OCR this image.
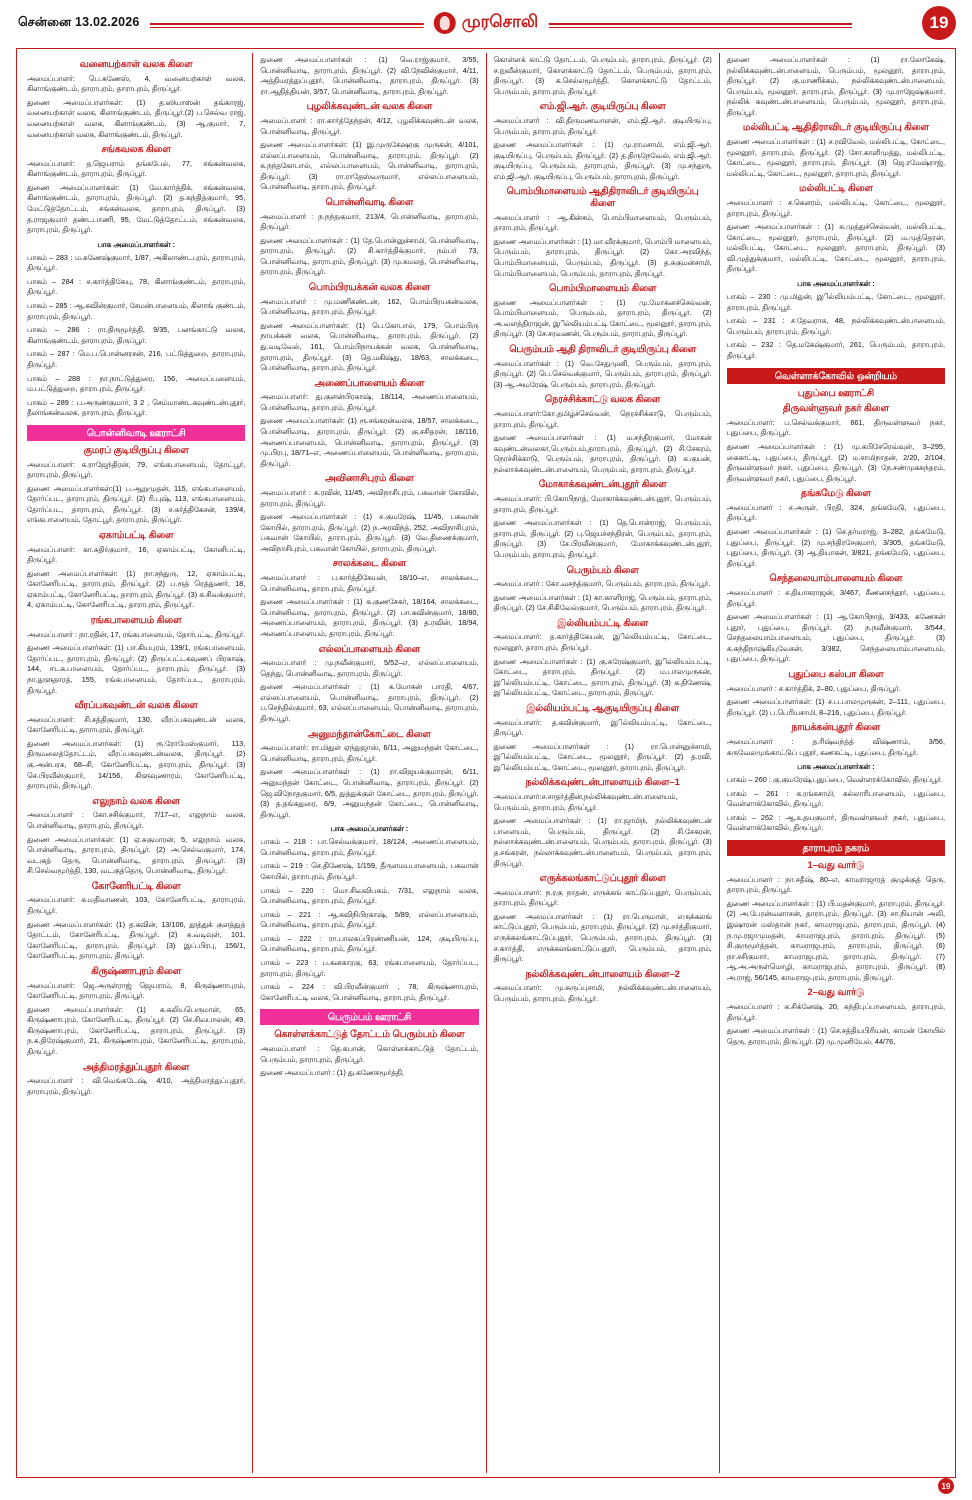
சென்னை 13.02.2026	முரசொலி	19
வனையற்காள் வலக கிளை
அமைப்பாளர்: பெ.கணேஸ், 4, வனையற்காள் வலக, கிளாங்குண்டம், தாராபுரம், தாராபுரம், திருப்பூர்.
துணை அமைப்பாளர்கள்: (1) த.ஸியாஸன் தங்காரஜ், வனையற்காள் வலக, கிளாங்குண்டம், திருப்பூர்.(2) ப.செல்வ ராஜ், வனையற்காள் வலக, கிளாங்குண்டம், (3) ஆ.குமார், 7, வனையற்காள் வலக, கிளாங்குண்டம், திருப்பூர்.
சங்கவலக கிளை
அமைப்பாளர்: த.ஜெயராம் தங்கபேல், 77, சங்கன்வலக, கிளாங்குண்டம், தாராபுரம், திருப்பூர்.
துணை அமைப்பாளர்கள்: (1) வே.கார்த்திக், சங்கன்வலக, கிளாங்குண்டம், தாராபுரம், திருப்பூர். (2) த.கந்தித்குமார், 95, மேட்டுத்தோட்டம், சங்கன்வலக, தாராபுரம், திருப்பூர். (3) த.ராஜகுமார் தண்டபாணி, 95, மேட்டுத்தோட்டம், சங்கன்வலக, தாராபுரம், திருப்பூர்.
பாக அமைப்பாளர்கள் :
பாகம் – 283 : ம.கணேஷ்குமார், 1/87, அகிலாண்டபுரம், தாராபுரம், திருப்பூர்.
பாகம் – 284 : ச.கார்த்திகேயு, 78, கிளாங்குண்டம், தாராபுரம், திருப்பூர்.
பாகம் – 285 : ஆ.கவின்குமார், சேமன்பாளையம், கிளாங் குண்டம், தாராபுரம், திருப்பூர்.
பாகம் – 286 : ரா.திருமூர்த்தி, 9/35, பனங்காட்டு வலக, கிளாங்குண்டம், தாராபுரம், திருப்பூர்.
பாகம் – 287 : மெ.ப.பொன்னரசன், 216, பட்டுத்துறை, தாராபுரம், திருப்பூர்.
பாகம் – 288 : நா.நாட்டுத்துரை, 156, அமைப்பளையம், ம.பட்டுத்துறை, தாராபுரம், திருப்பூர்.
பாகம் – 289 : ப.அருண்குமார், 3 2 , செம்மாண்டகவுண்டன்புதூர், தீலாங்கன்வலக, தாராபுரம், திருப்பூர்.
பொன்னிவாடி ஊராட்சி
குமரப் குடியிருப்பு கிளை
அமைப்பாளர்: க.ராஜேந்திரன், 79, எங்கபாளையம், தோட்பூர், தாராபுரம், திருப்பூர்.
துணை அமைப்பாளர்கள்:(1) ப.ஆறுமுதன், 115, எங்கபாளையம், தோர்ப்பட, தாராபுரம், திருப்பூர். (2) ரி.புஷ், 113, எங்கபாளையம், தோர்ப்பட, தாராபுரம், திருப்பூர். (3) ச.கர்த்திகேசன், 139/4, எங்கபாளையம், தோட்பூர், தாராபுரம், திருப்பூர்.
ஏகாம்பட்டி கிளை
அமைப்பாளர்: கா.சுதிர்குமார், 16, ஏகாம்பட்டி, கோனிபட்டி, திருப்பூர்.
துணை அமைப்பாளர்கள்: (1) நா.சந்துரு, 12, ஏகாம்பட்டி, கோனேரிபட்டி, தாராபுரம், திருப்பூர். (2) ப.ரூத் ரெத்துணர், 18, ஏகாம்பட்டி, கோனேரிபட்டி, தாராபுரம், திருப்பூர். (3) க.சிவக்குமார், 4, ஏகாம்பட்டி, கோனேரிபட்டி, தாராபுரம், திருப்பூர்.
ரங்கபாளையம் கிளை
அமைப்பாளர் : நா.ரதின், 17, ரங்கபாளையம், தோர்பட்டி, திருப்பூர்.
துணை அமைப்பாளர்கள்: (1) பா.கியபுரம், 139/1, ரங்கபாளையம், தோர்ப்பட, தாராபுரம், திருப்பூர். (2) திருப்பட்டகவுணப் பிரகாஷ், 144, ஈடக.பாளையம், தோர்ப்பட, தாராபுரம், திருப்பூர். (3) நா.துளுதாரத், 155, ரங்கபாளையம், தோர்ப்பட, தாராபுரம், திருப்பூர்.
வீரப்பகவுண்டன் வலக கிளை
அமைப்பாளர்: சி.சத்திகுமார், 130, வீரப்பகவுண்டன் வலக, கோனேரிபட்டி, தாராபுரம், திருப்பூர்.
துணை அமைப்பாளர்கள்: (1) ரூ.ரோமேஸ்குமார், 113, திருமலைத்தோட்டம், வீரப்பகவுண்டன்வலக, திருப்பூர். (2) கு.அன்பரசு, 68–சி, கோனேரிபட்டி, தாராபுரம், திருப்பூர். (3) செ.பிரவீன்குமார், 14/156, கிளுவுணாரம், கோனேரிபட்டி, தாராபுரம், திருப்பூர்.
எலுநாம் வலக கிளை
அமைப்பாளர் : கோ.சசிக்குமார், 7/17–எ, எலுநாம் வலக, பொன்னிவாடி, தாராபுரம், திருப்பூர்.
துணை அமைப்பாளர்கள்: (1) ஏ.சுகுமாரன், 5, எலுநாம் வலக, பொன்னிவாடி, தாராபுரம், திருப்பூர். (2) அ.செல்வகுமார், 174, வடகுத் தெரு, பொன்னிவாடி, தாராபுரம், திருப்பூர். (3) சி.செல்வமூர்த்தி, 130, வடகுத்தெரு, பொன்னிவாடி, திருப்பூர்.
கோனேரிபட்டி கிளை
அமைப்பாளர்: க.மதிவாணன், 103, கோனேரிபட்டி, தாராபுரம், திருப்பூர்.
துணை அமைப்பாளர்கள்: (1) த.கவின், 13/106, தூத்துக் குளத்துத் தோட்டம், கோனேரிபட்டி, திருப்பூர். (2) க.வடிவுள், 101, கோனேரிபட்டி, தாராபுரம், திருப்பூர். (3) இப்.பிரபு, 156/1, கோனேரிபட்டி, தாராபுரம், திருப்பூர்.
கிருஷ்ணாபுரம் கிளை
அமைப்பாளர்: ஜெ.அருள்ராஜ் ஜெயராம், 8, கிருஷ்ணாபுரம், கோனேரிபட்டி, தாராபுரம், திருப்பூர்.
துணை அமைப்பாளர்கள்: (1) க.கலியபெருமாள், 65, கிருஷ்ணாபுரம், கோனேரிபட்டி, திருப்பூர். (2) செ.சிவபாலன், 49, கிருஷ்ணாபுரம், கோனேரிபட்டி, தாராபுரம், திருப்பூர். (3) ந.க.திரேஷ்குமார், 21, கிருஷ்ணாபுரம், கோனேரிபட்டி, தாராபுரம், திருப்பூர்.
அத்திமரத்துப்புதூர் கிளை
அமைப்பாளர் : வி.வெங்கடேஷ், 4/10, அத்திமரத்துப்புதூர், தாராபுரம், திருப்பூர்.
துணை அமைப்பாளர்கள் : (1) வெ.ராஜ்குமார், 3/55, பொன்னிவாடி, தாராபுரம், திருப்பூர். (2) வி.நேவின்குமார், 4/11, அத்திமரத்துப்புதூர், பொன்னிவாடி, தாராபுரம், திருப்பூர். (3) ரா.ஆதித்தியன், 3/57, பொன்னிவாடி, தாராபுரம், திருப்பூர்.
புழலிக்கவுண்டன் வலக கிளை
அமைப்பாளர் : ரா.கார்த்தேந்தன், 4/12, புழலிக்கவுண்டன் வலக, பொன்னிவாடி, திருப்பூர்.
துணை அமைப்பாளர்கள்: (1) இ.முருகேஷரகு முருகன், 4/101, எல்லப்பாளையம், பொன்னிவாடி, தாராபுரம், திருப்பூர். (2) க.நந்தகோபால், எல்லப்பாளையம், பொன்னிவாடி, தாராபுரம், திருப்பூர். (3) ரா.ராதேஸ்வருமார், எல்லப்பாளையம், பொன்னிவாடி, தாராபுரம், திருப்பூர்.
பொன்னிவாடி கிளை
அமைப்பாளர் : ந.நந்தகுமார், 213/4, பொன்னிவாடி, தாராபுரம், திருப்பூர்.
துணை அமைப்பாளர்கள் : (1) தே.பொன்னுச்சாமி, பொன்னிவாடி, தாராபுரம், திருப்பூர். (2) சி.கார்த்திக்குமார், நம்பர் 73, பொன்னிவாடி, தாராபுரம், திருப்பூர். (3) மு.கமலத், பொன்னிவாடி, தாராபுரம், திருப்பூர்.
பொம்பிரயக்கன் வலக கிளை
அமைப்பாளர் : மு.மணிகண்டன், 162, பொம்பிரயகன்வலக, பொன்னிவாடி, தாராபுரம், திருப்பூர்.
துணை அமைப்பாளர்கள்: (1) பெ.கோபால், 179, பொம்பிரு நாயக்கன் வலக, பொன்னிவாடி, தாராபுரம், திருப்பூர். (2) து.வடிவேல், 161, பொம்பிநாயக்கன் வலக, பொன்னிவாடி, தாராபுரம், திருப்பூர். (3) தெ.மகிஷ்து, 18/63, சாலக்கடை, பொன்னிவாடி, தாராபுரம், திருப்பூர்.
அணைப்பாளையம் கிளை
அமைப்பாளர்: து.குளன்பிரகாஷ், 18/114, அணைப்பாளையம், பொன்னிவாடி, தாராபுரம், திருப்பூர்.
துணை அமைப்பாளர்கள்: (1) ரூ.சங்கரன்வலக, 18/57, சாலக்கடை, பொன்னிவாடி, தாராபுரம், திருப்பூர். (2) கு.சசிதரன், 18/116, அணைப்பாளையம், பொன்னிவாடி, தாராபுரம், திருப்பூர். (3) மு.பிரபு, 18/71–எ, அணைப்பாளையம், பொன்னிவாடி, தாராபுரம், திருப்பூர்.
அவினாசிபுரம் கிளை
அமைப்பாளர் : சு.ரவின், 11/45, அவிநாசிபுரம், பகவான் கோவில், தாராபுரம், திருப்பூர்.
துணை அமைப்பாளர்கள் : (1) ச.குமரேஷ், 11/45, பகவான் கோயில், தாராபுரம், திருப்பூர். (2) ந.அரவிந்த், 252, அவிநாசிபுரம், பகவான் கோயில், தாராபுரம், திருப்பூர். (3) வே.திணைக்குமார், அவிநாசிபுரம், பகவான் கோயில், தாராபுரம், திருப்பூர்.
சாலக்கடை கிளை
அமைப்பாளர் : ப.கார்த்திகேயன், 18/10–எ, சாலக்கடை, பொன்னிவாடி, தாராபுரம், திருப்பூர்.
துணை அமைப்பாளர்கள் : (1) க.குணசேகர், 18/164, சாலக்கடை, பொன்னிவாடி, தாராபுரம், திருப்பூர். (2) பா.கவின்குமார், 18/80, அணைப்பாளையம், தாராபுரம், திருப்பூர். (3) த.ரவின், 18/94, அணைப்பாளையம், தாராபுரம், திருப்பூர்.
எல்லப்பாளையம் கிளை
அமைப்பாளர் : மு.நவீன்குமார், 5/52–எ, எல்லப்பாளையம், தெந்து, பொன்னிவாடி, தாராபுரம், திருப்பூர்.
துணை அமைப்பாளர்கள் : (1) க.மோகன் பாரதி, 4/67, எல்லப்பாளையம், பொன்னிவாடி, தாராபுரம், திருப்பூர். (2) ப.செந்தில்குமார், 63, எல்லப்பாளையம், பொன்னிவாடி, தாராபுரம், திருப்பூர்.
அனுமந்தான்கோட்டை கிளை
அமைப்பாளர்: ரா.மிதுள் ஏந்துஜாஸ், 6/11, அனுமந்தன் கோட்டை, பொன்னிவாடி, தாராபுரம், திருப்பூர்.
துணை அமைப்பாளர்கள் : (1) ரா.விஜயக்குமாரன், 6/11, அனுமந்தன் கோட்டை, பொன்னிவாடி, தாராபுரம், திருப்பூர். (2) ஜெ.விநோதகுமார், 6/5, துத்துக்குள் கோட்டை, தாராபுரம், திருப்பூர். (3) த.தங்கதுரை, 6/9, அனுமந்தன் கோட்டை, பொன்னிவாடி, திருப்பூர்.
பாக அமைப்பாளர்கள் :
பாகம் – 218 : பா.செல்வக்குமார், 18/124, அணைப்பாளையம், பொன்னிவாடி, தாராபுரம், திருப்பூர்.
பாகம் – 219 : செ.திணேஷ், 1/159, தீருளமயபாளையம், பகவான் கோயில், தாராபுரம், திருப்பூர்.
பாகம் – 220 : மொ.சிவவிபகம், 7/31, எலுநாம் வலக, பொன்னிவாடி, தாராபுரம், திருப்பூர்.
பாகம் – 221 : ஆ.கவிநிபிரகாஷ், 5/89, எல்லப்பாளையம், பொன்னிவாடி, தாராபுரம், திருப்பூர்.
பாகம் – 222 : ரா.பாலகப்பிரண்ணியன், 124, குடியிருப்பு, பொன்னிவாடி, தாராபுரம், திருப்பூர்.
பாகம் – 223 : ப.கனகாரகு, 63, ரங்கபாளையம், தோர்ப்பட, தாராபுரம், திருப்பூர்.
பாகம் – 224 : வி.பிரவீன்குமார் , 78, கிருஷ்ணாபுரம், கோனேரிபட்டி வலக, பொன்னிவாடி, தாராபுரம், திருப்பூர்.
பெரும்பம் ஊராட்சி
கொள்ளக்காட்டுத் தோட்டம் பெரும்பம் கிளை
அமைப்பாளர் : தெ.கபான், கொள்ளக்காட்டுத் தோட்டம், பெரும்பம், தாராபுரம், திருப்பூர்.
துணை அமைப்பாளர் : (1) து.கணேசமூர்த்தி,
கொள்ளக் காட்டு தோட்டம், பெரும்பம், தாராபுரம், திருப்பூர். (2) ச.நுவீன்குமார், கொளக்காட்டு தோட்டம், பெரும்பம், தாராபுரம், திருப்பூர். (3) க.செல்லமூர்த்தி, கொளக்காட்டு தோட்டம், பெரும்பம், தாராபுரம், திருப்பூர்.
எம்.ஜி.ஆர். குடியிருப்பு கிளை
அமைப்பாளர் : வி.திருமணவாளன், எம்.ஜி.ஆர். குடியிருப்பு, பெரும்பம், தாராபுரம், திருப்பூர்.
துணை அமைப்பாளர்கள் : (1) மு.ராமசாமி, எம்.ஜி.ஆர். குடியிருப்பு, பெரும்பம், திருப்பூர். (2) த.திருநேவேல், எம்.ஜி.ஆர். குடியிருப்பு, பெரும்பம், தாராபுரம், திருப்பூர். (3) மு.சந்துரு, எம்.ஜி.ஆர். குடியிருப்பு, பெரும்பம், தாராபுரம், திருப்பூர்.
பொம்பிமாளையம் ஆதிதிராவிடர் குடியிருப்பு கிளை
அமைப்பாளர் : ஆ.கின்சம், பொம்பிமாளையம், பெரும்பம், தாராபுரம், திருப்பூர்.
துணை அமைப்பாளர்கள் : (1) மா.வீரக்குமார், பொம்பி மாளையம், பெரும்பம், தாராபுரம், திருப்பூர். (2) கோ.அரவிந்த், பொம்பிமாளையம், பெரும்பம், திருப்பூர். (3) த.சுகுமன்சாமி, பொம்பிமாளையம், பெரும்பம், தாராபுரம், திருப்பூர்.
பொம்பிமாளையம் கிளை
துணை அமைப்பாளர்கள் : (1) மு.மோகனச்செல்வன், பொம்பிமாளையம், பெரும்பம், தாராபுரம், திருப்பூர். (2) அ.வளத்திராஜன், இில்லியம்பட்டி கோட்டை, மூலனூர், தாராபுரம், திருப்பூர். (3) சே.சரவணன், பெரும்பம், தாராபுரம், திருப்பூர்.
பெரும்பம் ஆதி திராவிடர் குடியிருப்பு கிளை
அமைப்பாளர்கள் : (1) வெ.சேதுமுனி, பெரும்பம், தாராபுரம், திருப்பூர். (2) பெ.செல்வக்குமார், பெரும்பம், தாராபுரம், திருப்பூர். (3) ஆ.அமரேஷ், பெரும்பம், தாராபுரம், திருப்பூர்.
நெரச்சிக்காட்டு வலக கிளை
அமைப்பாளர்:கோ.தமிழ்ச்செல்வன், நெரச்சிக்காடு, பெரும்பம், தாராபுரம், திருப்பூர்.
துணை அமைப்பாளர்கள் : (1) ம.சந்திரகுமார், மோகன் கவுண்டன்வலகா,பெரும்பம்,தாராபுரம், திருப்பூர். (2) சி.சேகரம், நெரச்சிக்காடு, பெரும்பம், தாராபுரம், திருப்பூர். (3) க.குயன், நல்லாக்கவுண்டன்பாளையம், பெரும்பம், தாராபுரம், திருப்பூர்.
மோகாக்கவுண்டன்புதூர் கிளை
அமைப்பாளர்: பி.கோபிநாத், மோகாக்கவுண்டன்புதூர், பெரும்பம், தாராபுரம், திருப்பூர்.
துணை அமைப்பாளர்கள் : (1) தெ.பொன்ராஜ், பெரும்பம், தாராபுரம், திருப்பூர். (2) பு.ஜெயச்சந்திரன், பெரும்பம், தாராபுரம், திருப்பூர். (3) சே.பிரவீன்குமார், மோகாக்கவுண்டன்புதூர், பெரும்பம், தாராபுரம், திருப்பூர்.
பெரும்பம் கிளை
அமைப்பாளர் : கோ.வசந்த்குமார், பெரும்பம், தாராபுரம், திருப்பூர்.
துணை அமைப்பாளர்கள் : (1) கா.காளிராஜ், பெரும்பம், தாராபுரம், திருப்பூர். (2) சே.சிகிவேல்குமார், பெரும்பம், தாராபுரம், திருப்பூர்.
இல்லியம்பட்டி கிளை
அமைப்பாளர்: த.கார்த்திகேயன், இில்லியம்பட்டி, கோட்டை, மூலனூர், தாராபுரம், திருப்பூர்.
துணை அமைப்பாளர்கள் : (1) கு.சுரேஷ்குமார், இில்லியம்பட்டி, கோட்டை, தாராபுரம், திருப்பூர். (2) ம.பாலமுருகன், இில்லியம்பட்டி, கோட்டை, தாராபுரம், திருப்பூர். (3) க.திணேஷ், இில்லியம்பட்டி, கோட்டை, தாராபுரம், திருப்பூர்.
இல்லியம்பட்டி ஆகுடியிருப்பு கிளை
அமைப்பாளர்: த.கவின்குமார், இில்லியம்பட்டி, கோட்டை, திருப்பூர்.
துணை அமைப்பாளர்கள் : (1) ரா.பொன்னுச்சாமி, இில்லியம்பட்டி, கோட்டை, மூலனூர், திருப்பூர். (2) த.ரவி, இில்லியம்பட்டி, கோட்டை, மூலனூர், தாராபுரம், திருப்பூர்.
நல்லிக்கவுண்டன்பாளையம் கிளை–1
அமைப்பாளர்:ச.சாதர்த்தின்,நல்லிக்கவுண்டன்பாளையம், பெரும்பம், தாராபுரம், திருப்பூர்.
துணை அமைப்பாளர்கள் : (1) ரா.ஜாமிந், நல்லிக்கவுண்டன் பாளையம், பெரும்பம், திருப்பூர். (2) சி.சேகரன், நல்லாக்கவுண்டன்பாளையம், பெரும்பம், தாராபுரம், திருப்பூர். (3) த.சங்கரன், நல்லாக்கவுண்டன்பாளையம், பெரும்பம், தாராபுரம், திருப்பூர்.
எருக்கலங்காட்டுப்புதூர் கிளை
அமைப்பாளர்: ந.ரகு நாதன், எருக்கங் காட்டுப்புதூர், பெரும்பம், தாராபுரம், திருப்பூர்.
துணை அமைப்பாளர்கள் : (1) ரா.பெருமாள், எருக்கலங் காட்டுப்புதூர், பெரும்பம், தாராபுரம், திருப்பூர். (2) மு.சர்த்திகுமார், எருக்கலங்காட்டுப்புதூர், பெரும்பம், தாராபுரம், திருப்பூர். (3) ச.கார்த்தி, எருக்கலங்காட்டுப்புதூர், பெரும்பம், தாராபுரம், திருப்பூர்.
நல்லிக்கவுண்டன்பாளையம் கிளை–2
அமைப்பாளர்: மு.கருப்புசாமி, நல்லிக்கவுண்டன்பாளையம், பெரும்பம், தாராபுரம், திருப்பூர்.
துணை அமைப்பாளர்கள் : (1) ரா.லோகேஷ், நல்லிக்கவுண்டன்பாளையம், பெரும்பம், மூலனூர், தாராபுரம், திருப்பூர். (2) கு.மாணிக்கம், நல்லிக்கவுண்டன்பாளையம், பெரும்பம், மூலனூர், தாராபுரம், திருப்பூர். (3) மு.ராஜேஷ்குமார், நல்லிக் கவுண்டன்பாளையம், பெரும்பம், மூலனூர், தாராபுரம், திருப்பூர்.
மல்லிபட்டி ஆதிதிராவிடர் குடியிருப்பு கிளை
துணை அமைப்பாளர்கள் : (1) ச.ரவிவேல், மல்லிபட்டி, கோட்டை, மூலனூர், தாராபுரம், திருப்பூர். (2) சோ.காளிமுத்து, மல்லிபட்டி, கோட்டை, மூலனூர், தாராபுரம், திருப்பூர். (3) ஜெ.ரமேஷ்ராஜ், மல்லிபட்டி, கோட்டை, மூலனூர், தாராபுரம், திருப்பூர்.
மல்லிபட்டி கிளை
அமைப்பாளர் : ச.கெளரம், மல்லிபட்டி, கோட்டை, மூலனூர், தாராபுரம், திருப்பூர்.
துணை அமைப்பாளர்கள் : (1) சு.முத்துச்செல்வன், மல்லிபட்டி, கோட்டை, மூலனூர், தாராபுரம், திருப்பூர். (2) ம.முத்தெரன், மல்லிபட்டி, கோட்டை, மூலனூர், தாராபுரம், திருப்பூர். (3) வி.முத்துக்குமார், மல்லிபட்டி, கோட்டை, மூலனூர், தாராபுரம், திருப்பூர்.
பாக அமைப்பாளர்கள் :
பாகம் – 230 : மு.மிதுன், இில்லியம்பட்டி, கோட்டை, மூலனூர், தாராபுரம், திருப்பூர்.
பாகம் – 231 : ச.தேவராசு, 48, நல்லிக்கவுண்டன்பாளையம், பெரும்பம், தாராபுரம், திருப்பூர்.
பாகம் – 232 : தெ.மகேஷ்குமார், 261, பெரும்பம், தாராபுரம், திருப்பூர்.
வெள்ளாக்கோவில் ஒன்றியம்
புதுப்பை ஊராட்சி
திருவள்ளுவர் நகர் கிளை
அமைப்பாளர்: ப.செல்வக்குமார், 661, திருவள்ளுவர் நகர், புதுப்பை, திருப்பூர்.
துணை அமைப்பாளர்கள் : (1) மு.கபிசேரெவ்வுள், 3–295, கைகாட்டி, புதுப்பை, திருப்பூர். (2) ம.சாமிநாதன், 2/20, 2/104, திருவள்ளுவர் நகர், புதுப்பை, திருப்பூர். (3) நே.சண்முகசுந்தரம், திருவள்ளுவர் நகர், புதுப்பை, திருப்பூர்.
தங்கமேடு கிளை
அமைப்பாளர் : ச.அருள், பிரதி, 324, தங்கமேடு, புதுப்பை, திருப்பூர்.
துணை அமைப்பாளர்கள் : (1) செ.தர்மராஜ், 3–282, தங்கமேடு, புதுப்பை, திருப்பூர். (2) மு.சந்திரசேகுமார், 3/305, தங்கமேடு, புதுப்பை, திருப்பூர். (3) ஆ.தியாகன், 3/821, தங்கமேடு, புதுப்பை, திருப்பூர்.
செந்தலையாம்பாளையம் கிளை
அமைப்பாளர் : ச.தியாகராஜன், 3/467, சீணனசந்தூர், புதுப்பை, திருப்பூர்.
துணை அமைப்பாளர்கள் : (1) ஆ.கோபிநாத், 3/433, கணேசன் புதூர், புதுப்பை, திருப்பூர். (2) ந.நவீன்குமார், 3/544, செந்தலையாம்பாளையம், புதுப்பை, திருப்பூர். (3) க.கந்திநாஷ்கியுவேசன், 3/382, செந்தலையாம்பாளையம், புதுப்பை, திருப்பூர்.
புதுப்பை கஸ்பா கிளை
அமைப்பாளர் : ச.கார்த்திக், 2–80, புதுப்பை, திருப்பூர்.
துணை அமைப்பாளர்கள்: (1) ச.ப.பாலமுருகன், 2–111, புதுப்பை, திருப்பூர். (2) ப.பெரியசாமி, 8–216, புதுப்பை, திருப்பூர்.
நாயக்கன்புதூர் கிளை
அமைப்பாளர் : த.ரிஷ்வந்த்த் விஷ்ணாம், 3/56, கருவேலமுங்காட்டுப் புதூர், கணகட்டி, புதுப்பை, திருப்பூர்.
பாக அமைப்பாளர்கள் :
பாகம் – 260 : கு.குமரேஷ்,புதுப்பை, வெள்ளாக்கோவில், திருப்பூர்.
பாகம் – 261 : க.ரங்கசாமி, கல்லாரிபாளையம், புதுப்பை, வெள்ளாக்கோவில், திருப்பூர்.
பாகம் – 262 : ஆ.உதயகுமார், திருவள்ளுவர் நகர், புதுப்பை, வெள்ளாக்கோவில், திருப்பூர்.
தாராபுரம் நகரம்
1–வது வார்டு
அமைப்பாளர் : நா.சதீஷ், 80–எ, காமராஜாரத் குழுக்குத் தெரு, தாராபுரம், திருப்பூர்.
துணை அமைப்பாளர்கள் : (1) பி.மதன்குமார், தாராபுரம், திருப்பூர். (2) அ.பேரன்வளாசன், தாராபுரம், திருப்பூர். (3) சா.நியான் அலி, இஷாரன் மஸ்தான் நகர், காமராஜபுரம், தாராபுரம், திருப்பூர். (4) ந.மு.ரஜாமுமதன், காமராஜபுரம், தாராபுரம், திருப்பூர். (5) சி.குருமூர்த்தன், காமராஜபுரம், தாராபுரம், திருப்பூர். (6) நா.சசிகுமார், காமராஜபுரம், தாராபுரம், திருப்பூர். (7) ஆ.அ.அருள்மொழி, காமராஜபுரம், தாராபுரம், திருப்பூர். (8) அ.ராஜ், 56/145, காமராஜபுரம், தாராபுரம், திருப்பூர்.
2–வது வார்டு
அமைப்பாளர் : க.சிக்னேஷ், 20, கந்திபுப்பாளையம், தாராபுரம், திருப்பூர்.
துணை அமைப்பாளர்கள் : (1) செ.சத்தியபிரியன், காமன் கோயில் தெரு, தாராபுரம், திருப்பூர். (2) மு.முனியேல், 44/76,
19
